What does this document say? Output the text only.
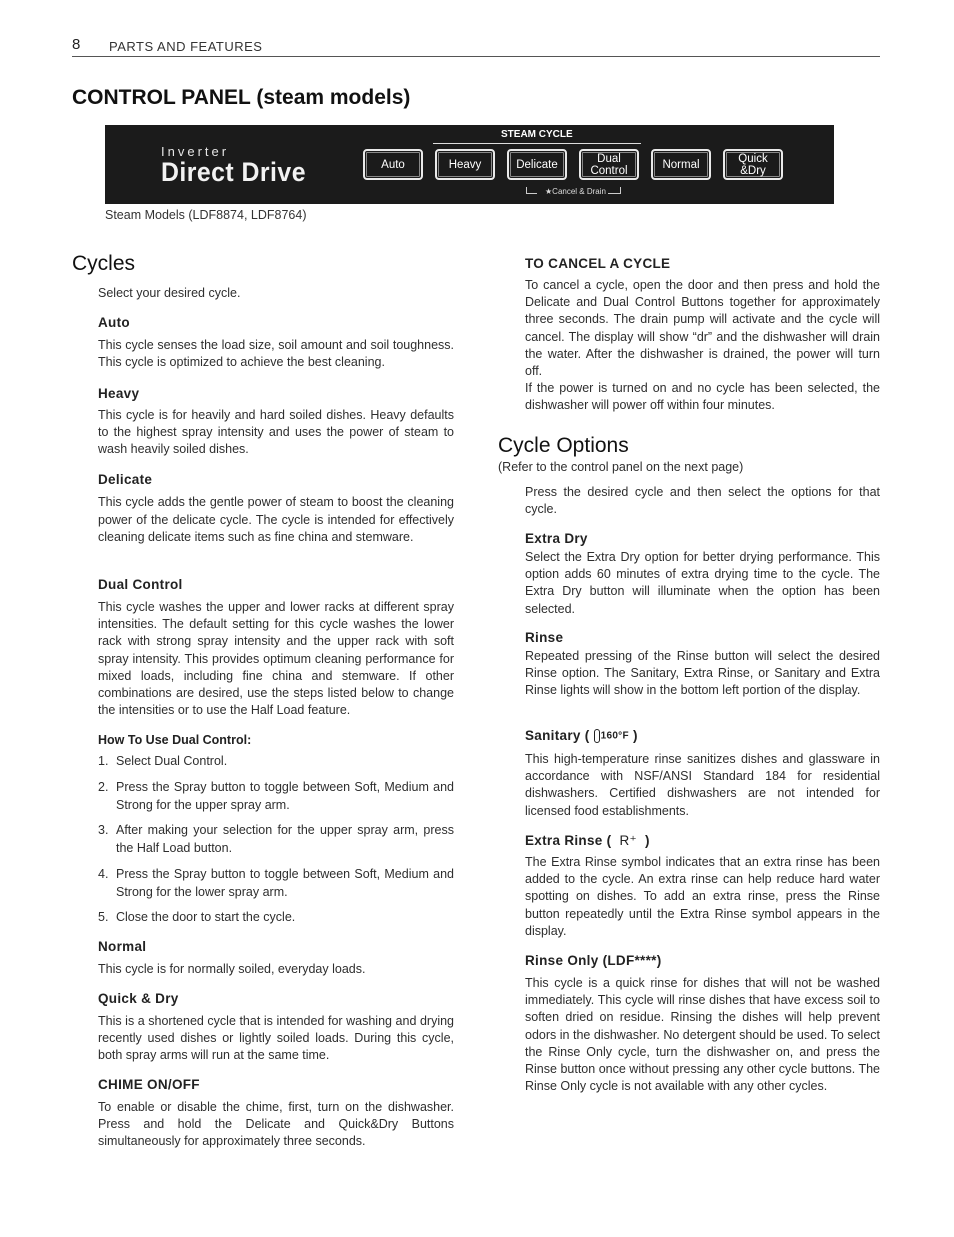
8 PARTS AND FEATURES
CONTROL PANEL (steam models)
Inverter
Direct Drive
STEAM CYCLE
Auto	Heavy	Delicate	Dual Control	Normal	Quick &Dry
★Cancel & Drain
Steam Models (LDF8874, LDF8764)
Cycles
Select your desired cycle.
Auto
This cycle senses the load size, soil amount and soil toughness. This cycle is optimized to achieve the best cleaning.
Heavy
This cycle is for heavily and hard soiled dishes. Heavy defaults to the highest spray intensity and uses the power of steam to wash heavily soiled dishes.
Delicate
This cycle adds the gentle power of steam to boost the cleaning power of the delicate cycle. The cycle is intended for effectively cleaning delicate items such as fine china and stemware.
Dual Control
This cycle washes the upper and lower racks at different spray intensities. The default setting for this cycle washes the lower rack with strong spray intensity and the upper rack with soft spray intensity. This provides optimum cleaning performance for mixed loads, including fine china and stemware. If other combinations are desired, use the steps listed below to change the intensities or to use the Half Load feature.
How To Use Dual Control:
1. Select Dual Control.
2. Press the Spray button to toggle between Soft, Medium and Strong for the upper spray arm.
3. After making your selection for the upper spray arm, press the Half Load button.
4. Press the Spray button to toggle between Soft, Medium and Strong for the lower spray arm.
5. Close the door to start the cycle.
Normal
This cycle is for normally soiled, everyday loads.
Quick & Dry
This is a shortened cycle that is intended for washing and drying recently used dishes or lightly soiled loads. During this cycle, both spray arms will run at the same time.
CHIME ON/OFF
To enable or disable the chime, first, turn on the dishwasher. Press and hold the Delicate and Quick&Dry Buttons simultaneously for approximately three seconds.
TO CANCEL A CYCLE
To cancel a cycle, open the door and then press and hold the Delicate and Dual Control Buttons together for approximately three seconds. The drain pump will activate and the cycle will cancel. The display will show “dr” and the dishwasher will drain the water. After the dishwasher is drained, the power will turn off.
If the power is turned on and no cycle has been selected, the dishwasher will power off within four minutes.
Cycle Options
(Refer to the control panel on the next page)
Press the desired cycle and then select the options for that cycle.
Extra Dry
Select the Extra Dry option for better drying performance. This option adds 60 minutes of extra drying time to the cycle. The Extra Dry button will illuminate when the option has been selected.
Rinse
Repeated pressing of the Rinse button will select the desired Rinse option. The Sanitary, Extra Rinse, or Sanitary and Extra Rinse lights will show in the bottom left portion of the display.
Sanitary ( 160°F )
This high-temperature rinse sanitizes dishes and glassware in accordance with NSF/ANSI Standard 184 for residential dishwashers. Certified dishwashers are not intended for licensed food establishments.
Extra Rinse ( R⁺ )
The Extra Rinse symbol indicates that an extra rinse has been added to the cycle. An extra rinse can help reduce hard water spotting on dishes. To add an extra rinse, press the Rinse button repeatedly until the Extra Rinse symbol appears in the display.
Rinse Only (LDF****)
This cycle is a quick rinse for dishes that will not be washed immediately. This cycle will rinse dishes that have excess soil to soften dried on residue. Rinsing the dishes will help prevent odors in the dishwasher. No detergent should be used. To select the Rinse Only cycle, turn the dishwasher on, and press the Rinse button once without pressing any other cycle buttons. The Rinse Only cycle is not available with any other cycles.
